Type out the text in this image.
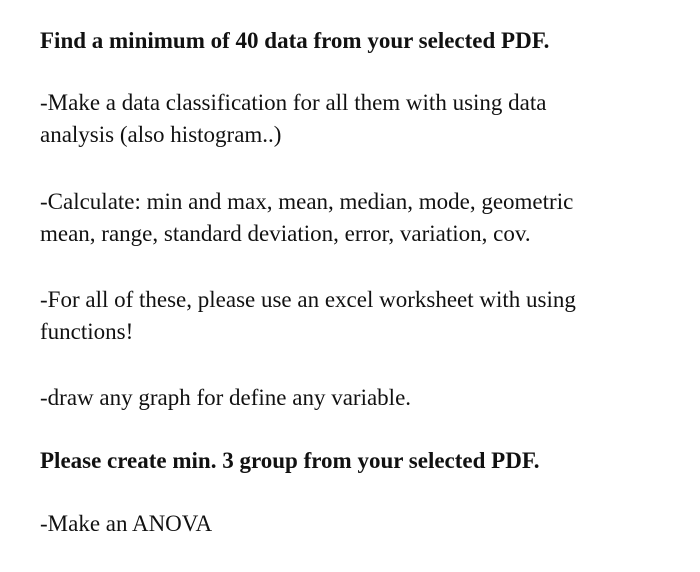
Find a minimum of 40 data from your selected PDF.

-Make a data classification for all them with using data
analysis (also histogram..)

-Calculate: min and max, mean, median, mode, geometric
mean, range, standard deviation, error, variation, cov.

-For all of these, please use an excel worksheet with using
functions!

-draw any graph for define any variable.

Please create min. 3 group from your selected PDF.

-Make an ANOVA
